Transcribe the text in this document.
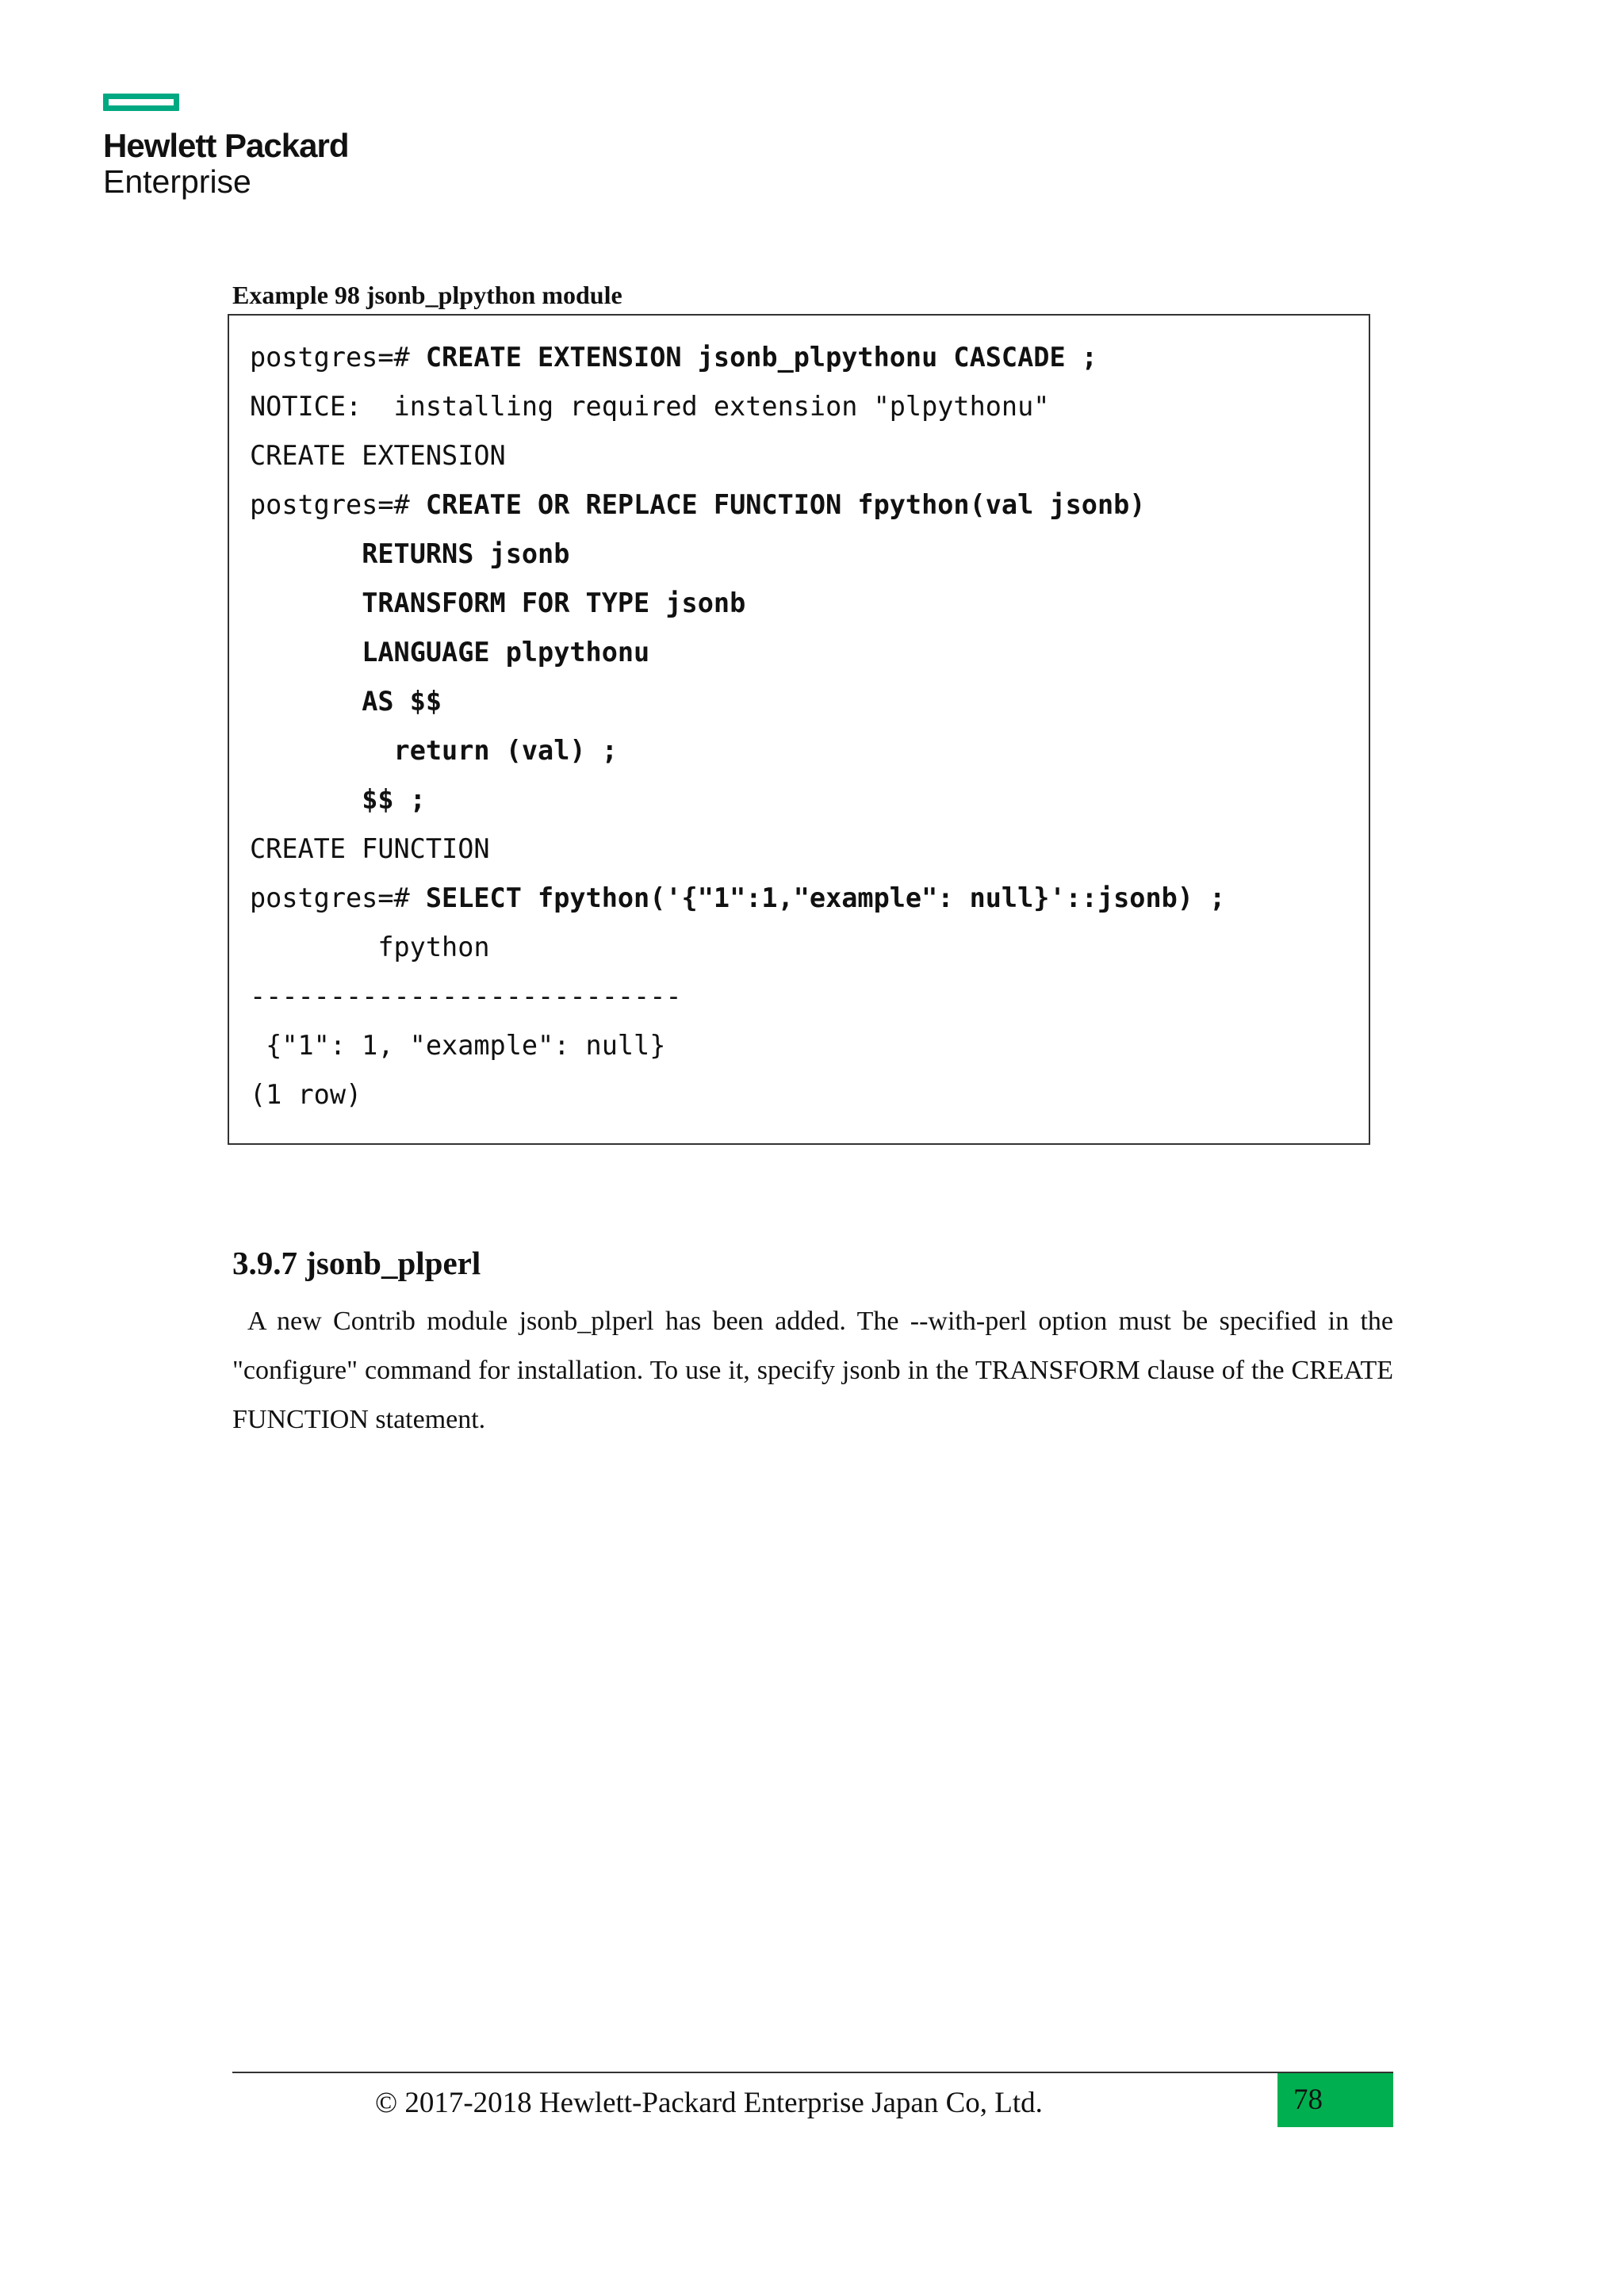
Hewlett Packard
Enterprise
Example 98 jsonb_plpython module
postgres=# CREATE EXTENSION jsonb_plpythonu CASCADE ;
NOTICE:  installing required extension "plpythonu"
CREATE EXTENSION
postgres=# CREATE OR REPLACE FUNCTION fpython(val jsonb)
RETURNS jsonb
TRANSFORM FOR TYPE jsonb
LANGUAGE plpythonu
AS $$
return (val) ;
$$ ;
CREATE FUNCTION
postgres=# SELECT fpython('{"1":1,"example": null}'::jsonb) ;
fpython
---------------------------
{"1": 1, "example": null}
(1 row)
3.9.7 jsonb_plperl
A new Contrib module jsonb_plperl has been added. The --with-perl option must be specified in the "configure" command for installation. To use it, specify jsonb in the TRANSFORM clause of the CREATE FUNCTION statement.
© 2017-2018 Hewlett-Packard Enterprise Japan Co, Ltd.	78
